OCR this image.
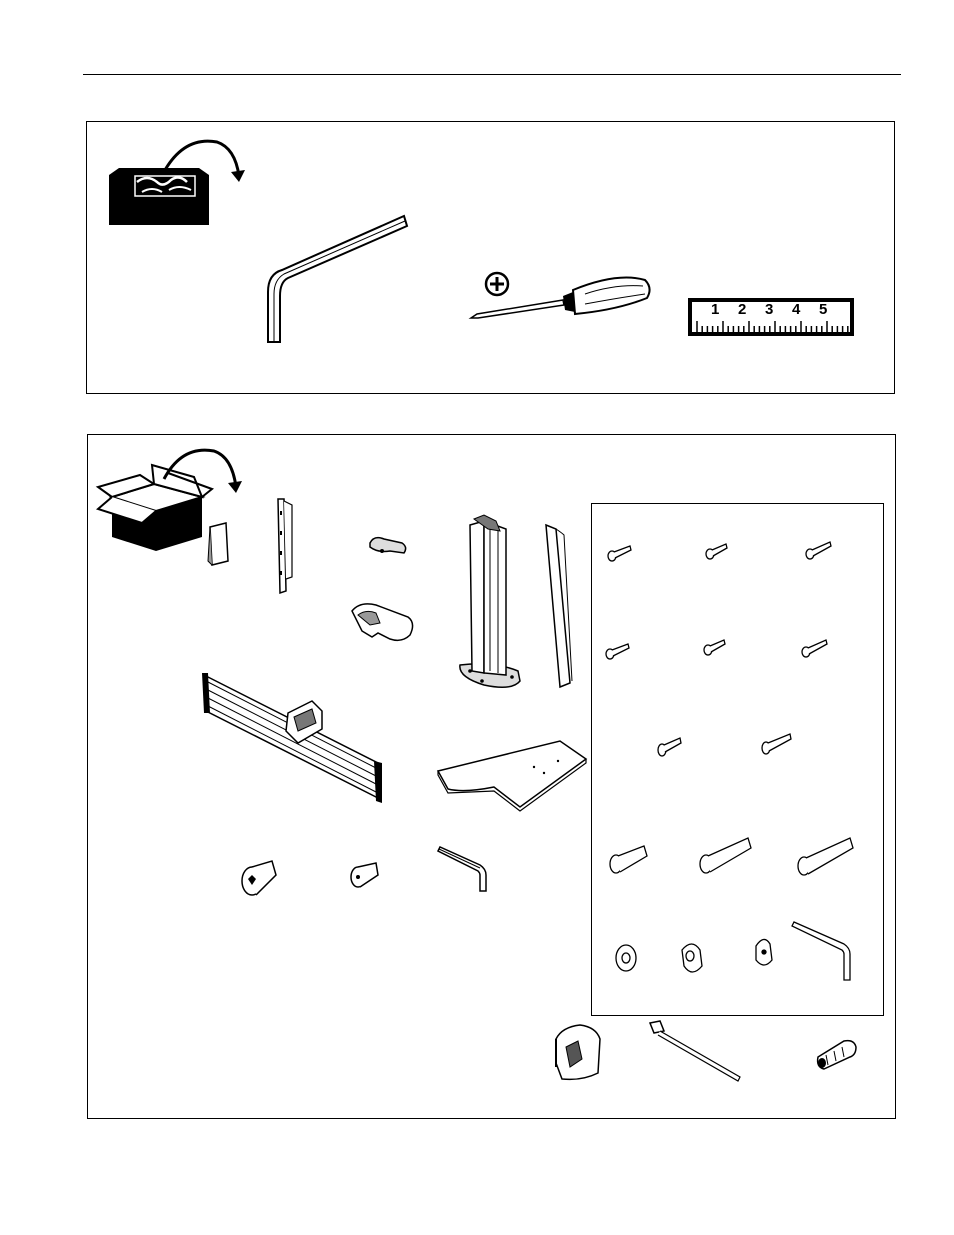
1 2 3 4 5
